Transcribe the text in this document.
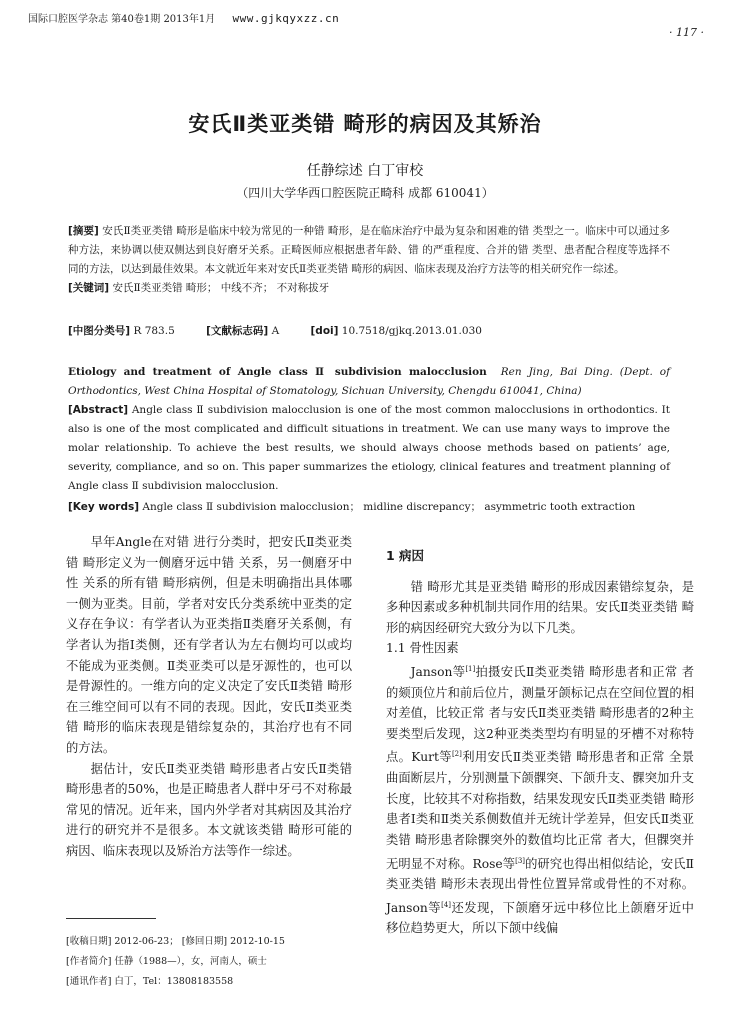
国际口腔医学杂志 第40卷1期 2013年1月 www.gjkqyxzz.cn
· 117 ·
安氏Ⅱ类亚类错 畸形的病因及其矫治
任静综述 白丁审校
（四川大学华西口腔医院正畸科 成都 610041）
[摘要] 安氏Ⅱ类亚类错 畸形是临床中较为常见的一种错 畸形，是在临床治疗中最为复杂和困难的错 类型之一。临床中可以通过多种方法，来协调以使双侧达到良好磨牙关系。正畸医师应根据患者年龄、错 的严重程度、合并的错 类型、患者配合程度等选择不同的方法，以达到最佳效果。本文就近年来对安氏Ⅱ类亚类错 畸形的病因、临床表现及治疗方法等的相关研究作一综述。
[关键词] 安氏Ⅱ类亚类错 畸形； 中线不齐； 不对称拔牙
[中图分类号] R 783.5	[文献标志码] A	[doi] 10.7518/gjkq.2013.01.030
Etiology and treatment of Angle class Ⅱ subdivision malocclusion Ren Jing, Bai Ding. (Dept. of Orthodontics, West China Hospital of Stomatology, Sichuan University, Chengdu 610041, China)
[Abstract] Angle class Ⅱ subdivision malocclusion is one of the most common malocclusions in orthodontics. It also is one of the most complicated and difficult situations in treatment. We can use many ways to improve the molar relationship. To achieve the best results, we should always choose methods based on patients’ age, severity, compliance, and so on. This paper summarizes the etiology, clinical features and treatment planning of Angle class Ⅱ subdivision malocclusion.
[Key words] Angle class Ⅱ subdivision malocclusion； midline discrepancy； asymmetric tooth extraction

早年Angle在对错 进行分类时，把安氏Ⅱ类亚类错 畸形定义为一侧磨牙远中错 关系，另一侧磨牙中性 关系的所有错 畸形病例，但是未明确指出具体哪一侧为亚类。目前，学者对安氏分类系统中亚类的定义存在争议：有学者认为亚类指Ⅱ类磨牙关系侧，有学者认为指Ⅰ类侧，还有学者认为左右侧均可以或均不能成为亚类侧。Ⅱ类亚类可以是牙源性的，也可以是骨源性的。一维方向的定义决定了安氏Ⅱ类错 畸形在三维空间可以有不同的表现。因此，安氏Ⅱ类亚类错 畸形的临床表现是错综复杂的，其治疗也有不同的方法。

据估计，安氏Ⅱ类亚类错 畸形患者占安氏Ⅱ类错 畸形患者的50%，也是正畸患者人群中牙弓不对称最常见的情况。近年来，国内外学者对其病因及其治疗进行的研究并不是很多。本文就该类错 畸形可能的病因、临床表现以及矫治方法等作一综述。

[收稿日期] 2012-06-23； [修回日期] 2012-10-15
[作者简介] 任静（1988—），女，河南人，硕士
[通讯作者] 白丁，Tel：13808183558
1 病因

错 畸形尤其是亚类错 畸形的形成因素错综复杂，是多种因素或多种机制共同作用的结果。安氏Ⅱ类亚类错 畸形的病因经研究大致分为以下几类。

1.1 骨性因素

Janson等[1]拍摄安氏Ⅱ类亚类错 畸形患者和正常 者的颏顶位片和前后位片，测量牙颌标记点在空间位置的相对差值，比较正常 者与安氏Ⅱ类亚类错 畸形患者的2种主要类型后发现，这2种亚类类型均有明显的牙槽不对称特点。Kurt等[2]利用安氏Ⅱ类亚类错 畸形患者和正常 全景曲面断层片，分别测量下颌髁突、下颌升支、髁突加升支长度，比较其不对称指数，结果发现安氏Ⅱ类亚类错 畸形患者Ⅰ类和Ⅱ类关系侧数值并无统计学差异，但安氏Ⅱ类亚类错 畸形患者除髁突外的数值均比正常 者大，但髁突并无明显不对称。Rose等[3]的研究也得出相似结论，安氏Ⅱ类亚类错 畸形未表现出骨性位置异常或骨性的不对称。Janson等[4]还发现，下颌磨牙远中移位比上颌磨牙近中移位趋势更大，所以下颌中线偏
